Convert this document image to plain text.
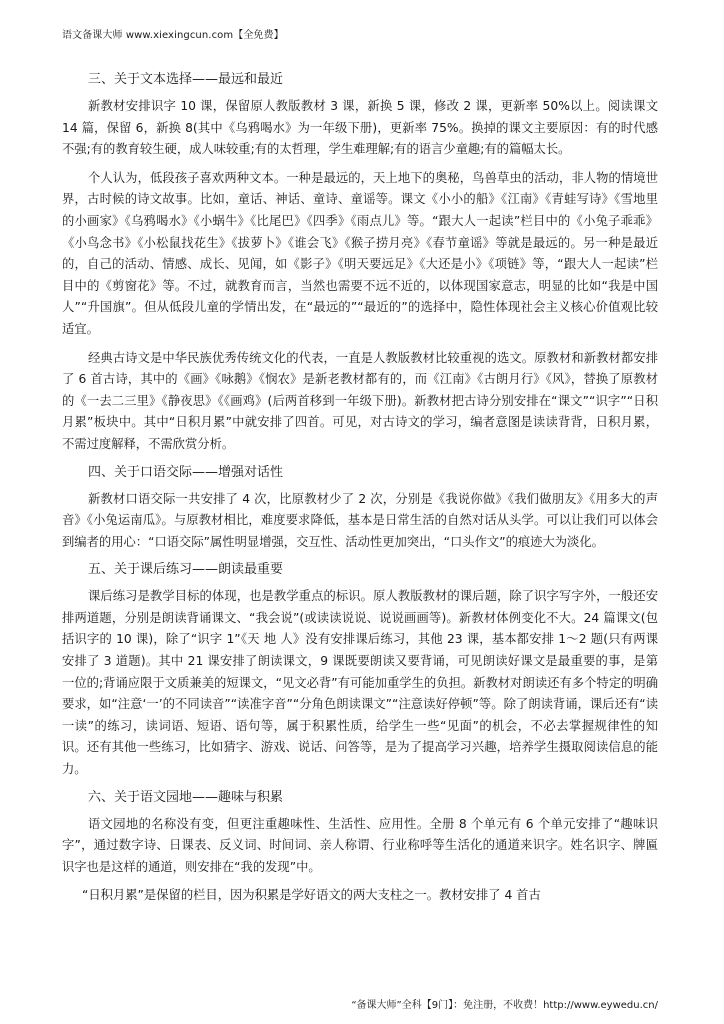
语文备课大师 www.xiexingcun.com【全免费】

三、关于文本选择——最远和最近

新教材安排识字 10 课，保留原人教版教材 3 课，新换 5 课，修改 2 课，更新率 50%以上。阅读课文 14 篇，保留 6，新换 8(其中《乌鸦喝水》为一年级下册)，更新率 75%。换掉的课文主要原因：有的时代感不强;有的教育较生硬，成人味较重;有的太哲理，学生难理解;有的语言少童趣;有的篇幅太长。

个人认为，低段孩子喜欢两种文本。一种是最远的，天上地下的奥秘，鸟兽草虫的活动，非人物的情境世界，古时候的诗文故事。比如，童话、神话、童诗、童谣等。课文《小小的船》《江南》《青蛙写诗》《雪地里的小画家》《乌鸦喝水》《小蜗牛》《比尾巴》《四季》《雨点儿》等。“跟大人一起读”栏目中的《小兔子乖乖》《小鸟念书》《小松鼠找花生》《拔萝卜》《谁会飞》《猴子捞月亮》《春节童谣》等就是最远的。另一种是最近的，自己的活动、情感、成长、见闻，如《影子》《明天要远足》《大还是小》《项链》等，“跟大人一起读”栏目中的《剪窗花》等。不过，就教育而言，当然也需要不远不近的，以体现国家意志，明显的比如“我是中国人”“升国旗”。但从低段儿童的学情出发，在“最远的”“最近的”的选择中，隐性体现社会主义核心价值观比较适宜。

经典古诗文是中华民族优秀传统文化的代表，一直是人教版教材比较重视的选文。原教材和新教材都安排了 6 首古诗，其中的《画》《咏鹅》《悯农》是新老教材都有的，而《江南》《古朗月行》《风》，替换了原教材的《一去二三里》《静夜思》《《画鸡》(后两首移到一年级下册)。新教材把古诗分别安排在“课文”“识字”“日积月累”板块中。其中“日积月累”中就安排了四首。可见，对古诗文的学习，编者意图是读读背背，日积月累，不需过度解释，不需欣赏分析。

四、关于口语交际——增强对话性

新教材口语交际一共安排了 4 次，比原教材少了 2 次，分别是《我说你做》《我们做朋友》《用多大的声音》《小兔运南瓜》。与原教材相比，难度要求降低，基本是日常生活的自然对话从头学。可以让我们可以体会到编者的用心：“口语交际”属性明显增强，交互性、活动性更加突出，“口头作文”的痕迹大为淡化。

五、关于课后练习——朗读最重要

课后练习是教学目标的体现，也是教学重点的标识。原人教版教材的课后题，除了识字写字外，一般还安排两道题，分别是朗读背诵课文、“我会说”(或读读说说、说说画画等)。新教材体例变化不大。24 篇课文(包括识字的 10 课)，除了“识字 1”《天 地 人》没有安排课后练习，其他 23 课，基本都安排 1～2 题(只有两课安排了 3 道题)。其中 21 课安排了朗读课文，9 课既要朗读又要背诵，可见朗读好课文是最重要的事，是第一位的;背诵应限于文质兼美的短课文，“见文必背”有可能加重学生的负担。新教材对朗读还有多个特定的明确要求，如“注意‘一’的不同读音”“读准字音”“分角色朗读课文”“注意读好停顿”等。除了朗读背诵，课后还有“读一读”的练习，读词语、短语、语句等，属于积累性质，给学生一些“见面”的机会，不必去掌握规律性的知识。还有其他一些练习，比如猜字、游戏、说话、问答等，是为了提高学习兴趣，培养学生摄取阅读信息的能力。

六、关于语文园地——趣味与积累

语文园地的名称没有变，但更注重趣味性、生活性、应用性。全册 8 个单元有 6 个单元安排了“趣味识字”，通过数字诗、日课表、反义词、时间词、亲人称谓、行业称呼等生活化的通道来识字。姓名识字、牌匾识字也是这样的通道，则安排在“我的发现”中。

“日积月累”是保留的栏目，因为积累是学好语文的两大支柱之一。教材安排了 4 首古

“备课大师”全科【9门】：免注册，不收费！http://www.eywedu.cn/
